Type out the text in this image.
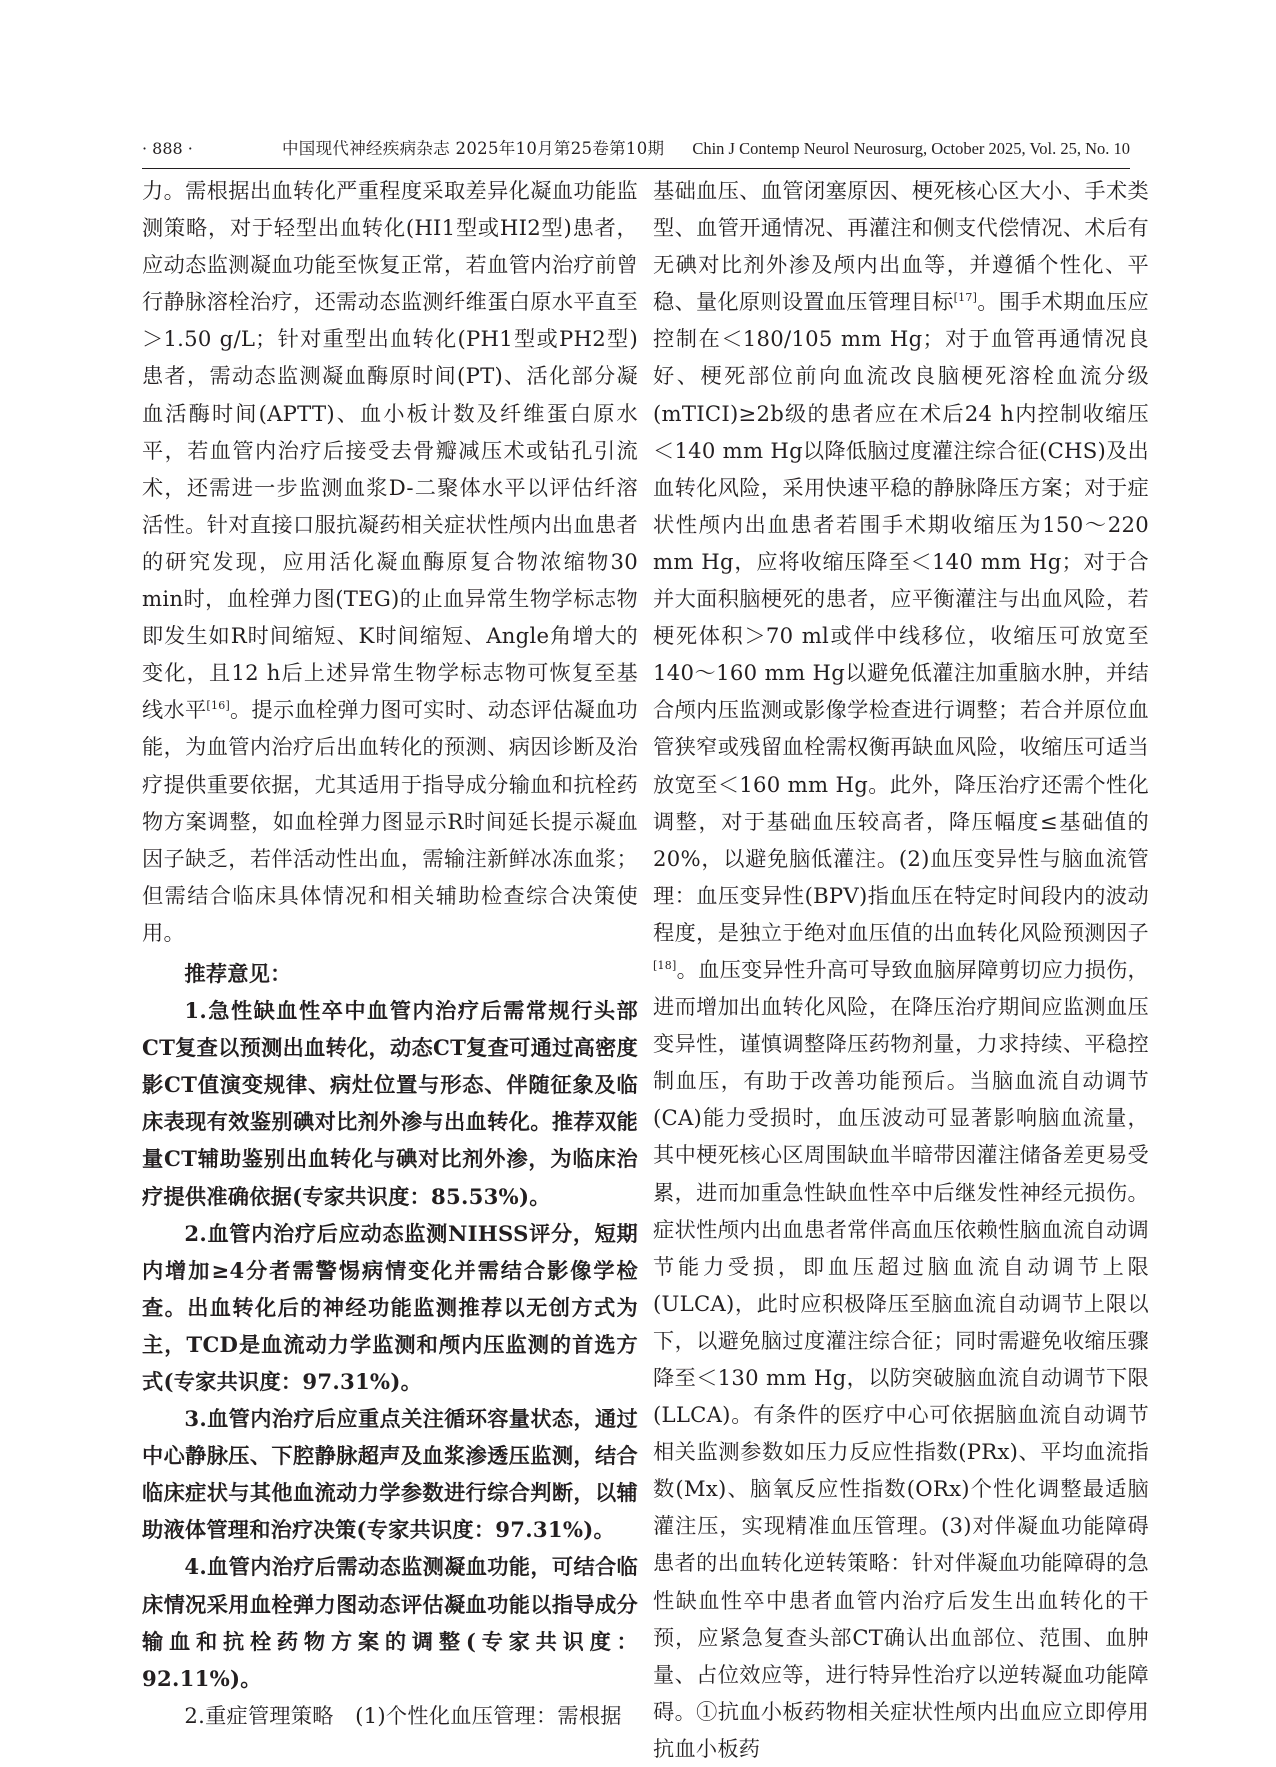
· 888 ·	中国现代神经疾病杂志 2025年10月第25卷第10期 Chin J Contemp Neurol Neurosurg, October 2025, Vol. 25, No. 10

力。需根据出血转化严重程度采取差异化凝血功能监测策略，对于轻型出血转化(HI1型或HI2型)患者，应动态监测凝血功能至恢复正常，若血管内治疗前曾行静脉溶栓治疗，还需动态监测纤维蛋白原水平直至＞1.50 g/L；针对重型出血转化(PH1型或PH2型)患者，需动态监测凝血酶原时间(PT)、活化部分凝血活酶时间(APTT)、血小板计数及纤维蛋白原水平，若血管内治疗后接受去骨瓣减压术或钻孔引流术，还需进一步监测血浆D-二聚体水平以评估纤溶活性。针对直接口服抗凝药相关症状性颅内出血患者的研究发现，应用活化凝血酶原复合物浓缩物30 min时，血栓弹力图(TEG)的止血异常生物学标志物即发生如R时间缩短、K时间缩短、Angle角增大的变化，且12 h后上述异常生物学标志物可恢复至基线水平[16]。提示血栓弹力图可实时、动态评估凝血功能，为血管内治疗后出血转化的预测、病因诊断及治疗提供重要依据，尤其适用于指导成分输血和抗栓药物方案调整，如血栓弹力图显示R时间延长提示凝血因子缺乏，若伴活动性出血，需输注新鲜冰冻血浆；但需结合临床具体情况和相关辅助检查综合决策使用。

推荐意见：

1.急性缺血性卒中血管内治疗后需常规行头部CT复查以预测出血转化，动态CT复查可通过高密度影CT值演变规律、病灶位置与形态、伴随征象及临床表现有效鉴别碘对比剂外渗与出血转化。推荐双能量CT辅助鉴别出血转化与碘对比剂外渗，为临床治疗提供准确依据(专家共识度：85.53%)。

2.血管内治疗后应动态监测NIHSS评分，短期内增加≥4分者需警惕病情变化并需结合影像学检查。出血转化后的神经功能监测推荐以无创方式为主，TCD是血流动力学监测和颅内压监测的首选方式(专家共识度：97.31%)。

3.血管内治疗后应重点关注循环容量状态，通过中心静脉压、下腔静脉超声及血浆渗透压监测，结合临床症状与其他血流动力学参数进行综合判断，以辅助液体管理和治疗决策(专家共识度：97.31%)。

4.血管内治疗后需动态监测凝血功能，可结合临床情况采用血栓弹力图动态评估凝血功能以指导成分输血和抗栓药物方案的调整(专家共识度：92.11%)。

2.重症管理策略　(1)个性化血压管理：需根据

基础血压、血管闭塞原因、梗死核心区大小、手术类型、血管开通情况、再灌注和侧支代偿情况、术后有无碘对比剂外渗及颅内出血等，并遵循个性化、平稳、量化原则设置血压管理目标[17]。围手术期血压应控制在＜180/105 mm Hg；对于血管再通情况良好、梗死部位前向血流改良脑梗死溶栓血流分级(mTICI)≥2b级的患者应在术后24 h内控制收缩压＜140 mm Hg以降低脑过度灌注综合征(CHS)及出血转化风险，采用快速平稳的静脉降压方案；对于症状性颅内出血患者若围手术期收缩压为150～220 mm Hg，应将收缩压降至＜140 mm Hg；对于合并大面积脑梗死的患者，应平衡灌注与出血风险，若梗死体积＞70 ml或伴中线移位，收缩压可放宽至140～160 mm Hg以避免低灌注加重脑水肿，并结合颅内压监测或影像学检查进行调整；若合并原位血管狭窄或残留血栓需权衡再缺血风险，收缩压可适当放宽至＜160 mm Hg。此外，降压治疗还需个性化调整，对于基础血压较高者，降压幅度≤基础值的20%，以避免脑低灌注。(2)血压变异性与脑血流管理：血压变异性(BPV)指血压在特定时间段内的波动程度，是独立于绝对血压值的出血转化风险预测因子[18]。血压变异性升高可导致血脑屏障剪切应力损伤，进而增加出血转化风险，在降压治疗期间应监测血压变异性，谨慎调整降压药物剂量，力求持续、平稳控制血压，有助于改善功能预后。当脑血流自动调节(CA)能力受损时，血压波动可显著影响脑血流量，其中梗死核心区周围缺血半暗带因灌注储备差更易受累，进而加重急性缺血性卒中后继发性神经元损伤。症状性颅内出血患者常伴高血压依赖性脑血流自动调节能力受损，即血压超过脑血流自动调节上限(ULCA)，此时应积极降压至脑血流自动调节上限以下，以避免脑过度灌注综合征；同时需避免收缩压骤降至＜130 mm Hg，以防突破脑血流自动调节下限(LLCA)。有条件的医疗中心可依据脑血流自动调节相关监测参数如压力反应性指数(PRx)、平均血流指数(Mx)、脑氧反应性指数(ORx)个性化调整最适脑灌注压，实现精准血压管理。(3)对伴凝血功能障碍患者的出血转化逆转策略：针对伴凝血功能障碍的急性缺血性卒中患者血管内治疗后发生出血转化的干预，应紧急复查头部CT确认出血部位、范围、血肿量、占位效应等，进行特异性治疗以逆转凝血功能障碍。①抗血小板药物相关症状性颅内出血应立即停用抗血小板药
